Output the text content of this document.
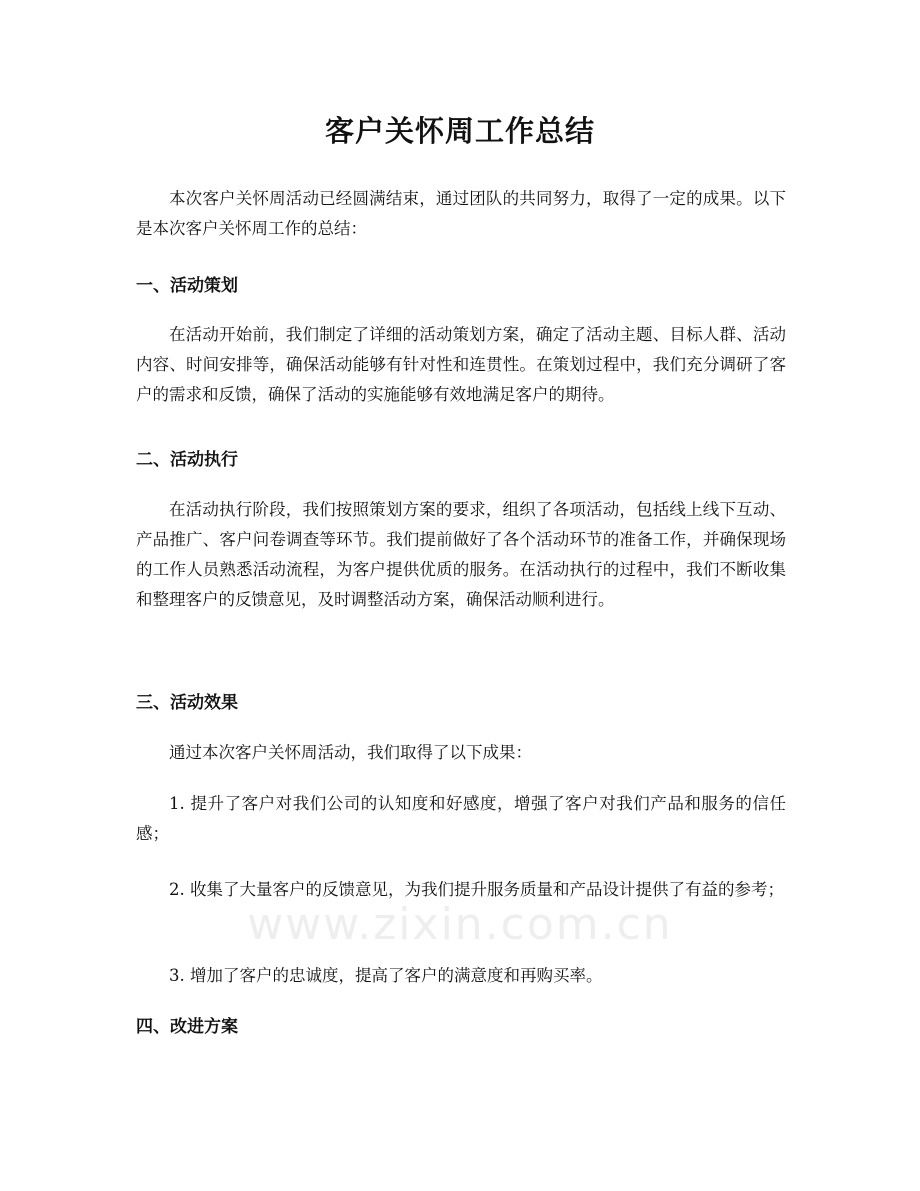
客户关怀周工作总结

本次客户关怀周活动已经圆满结束，通过团队的共同努力，取得了一定的成果。以下是本次客户关怀周工作的总结：

一、活动策划

在活动开始前，我们制定了详细的活动策划方案，确定了活动主题、目标人群、活动内容、时间安排等，确保活动能够有针对性和连贯性。在策划过程中，我们充分调研了客户的需求和反馈，确保了活动的实施能够有效地满足客户的期待。

二、活动执行

在活动执行阶段，我们按照策划方案的要求，组织了各项活动，包括线上线下互动、产品推广、客户问卷调查等环节。我们提前做好了各个活动环节的准备工作，并确保现场的工作人员熟悉活动流程，为客户提供优质的服务。在活动执行的过程中，我们不断收集和整理客户的反馈意见，及时调整活动方案，确保活动顺利进行。

三、活动效果

通过本次客户关怀周活动，我们取得了以下成果：

1. 提升了客户对我们公司的认知度和好感度，增强了客户对我们产品和服务的信任感；

2. 收集了大量客户的反馈意见，为我们提升服务质量和产品设计提供了有益的参考；

3. 增加了客户的忠诚度，提高了客户的满意度和再购买率。

四、改进方案
www.zixin.com.cn
